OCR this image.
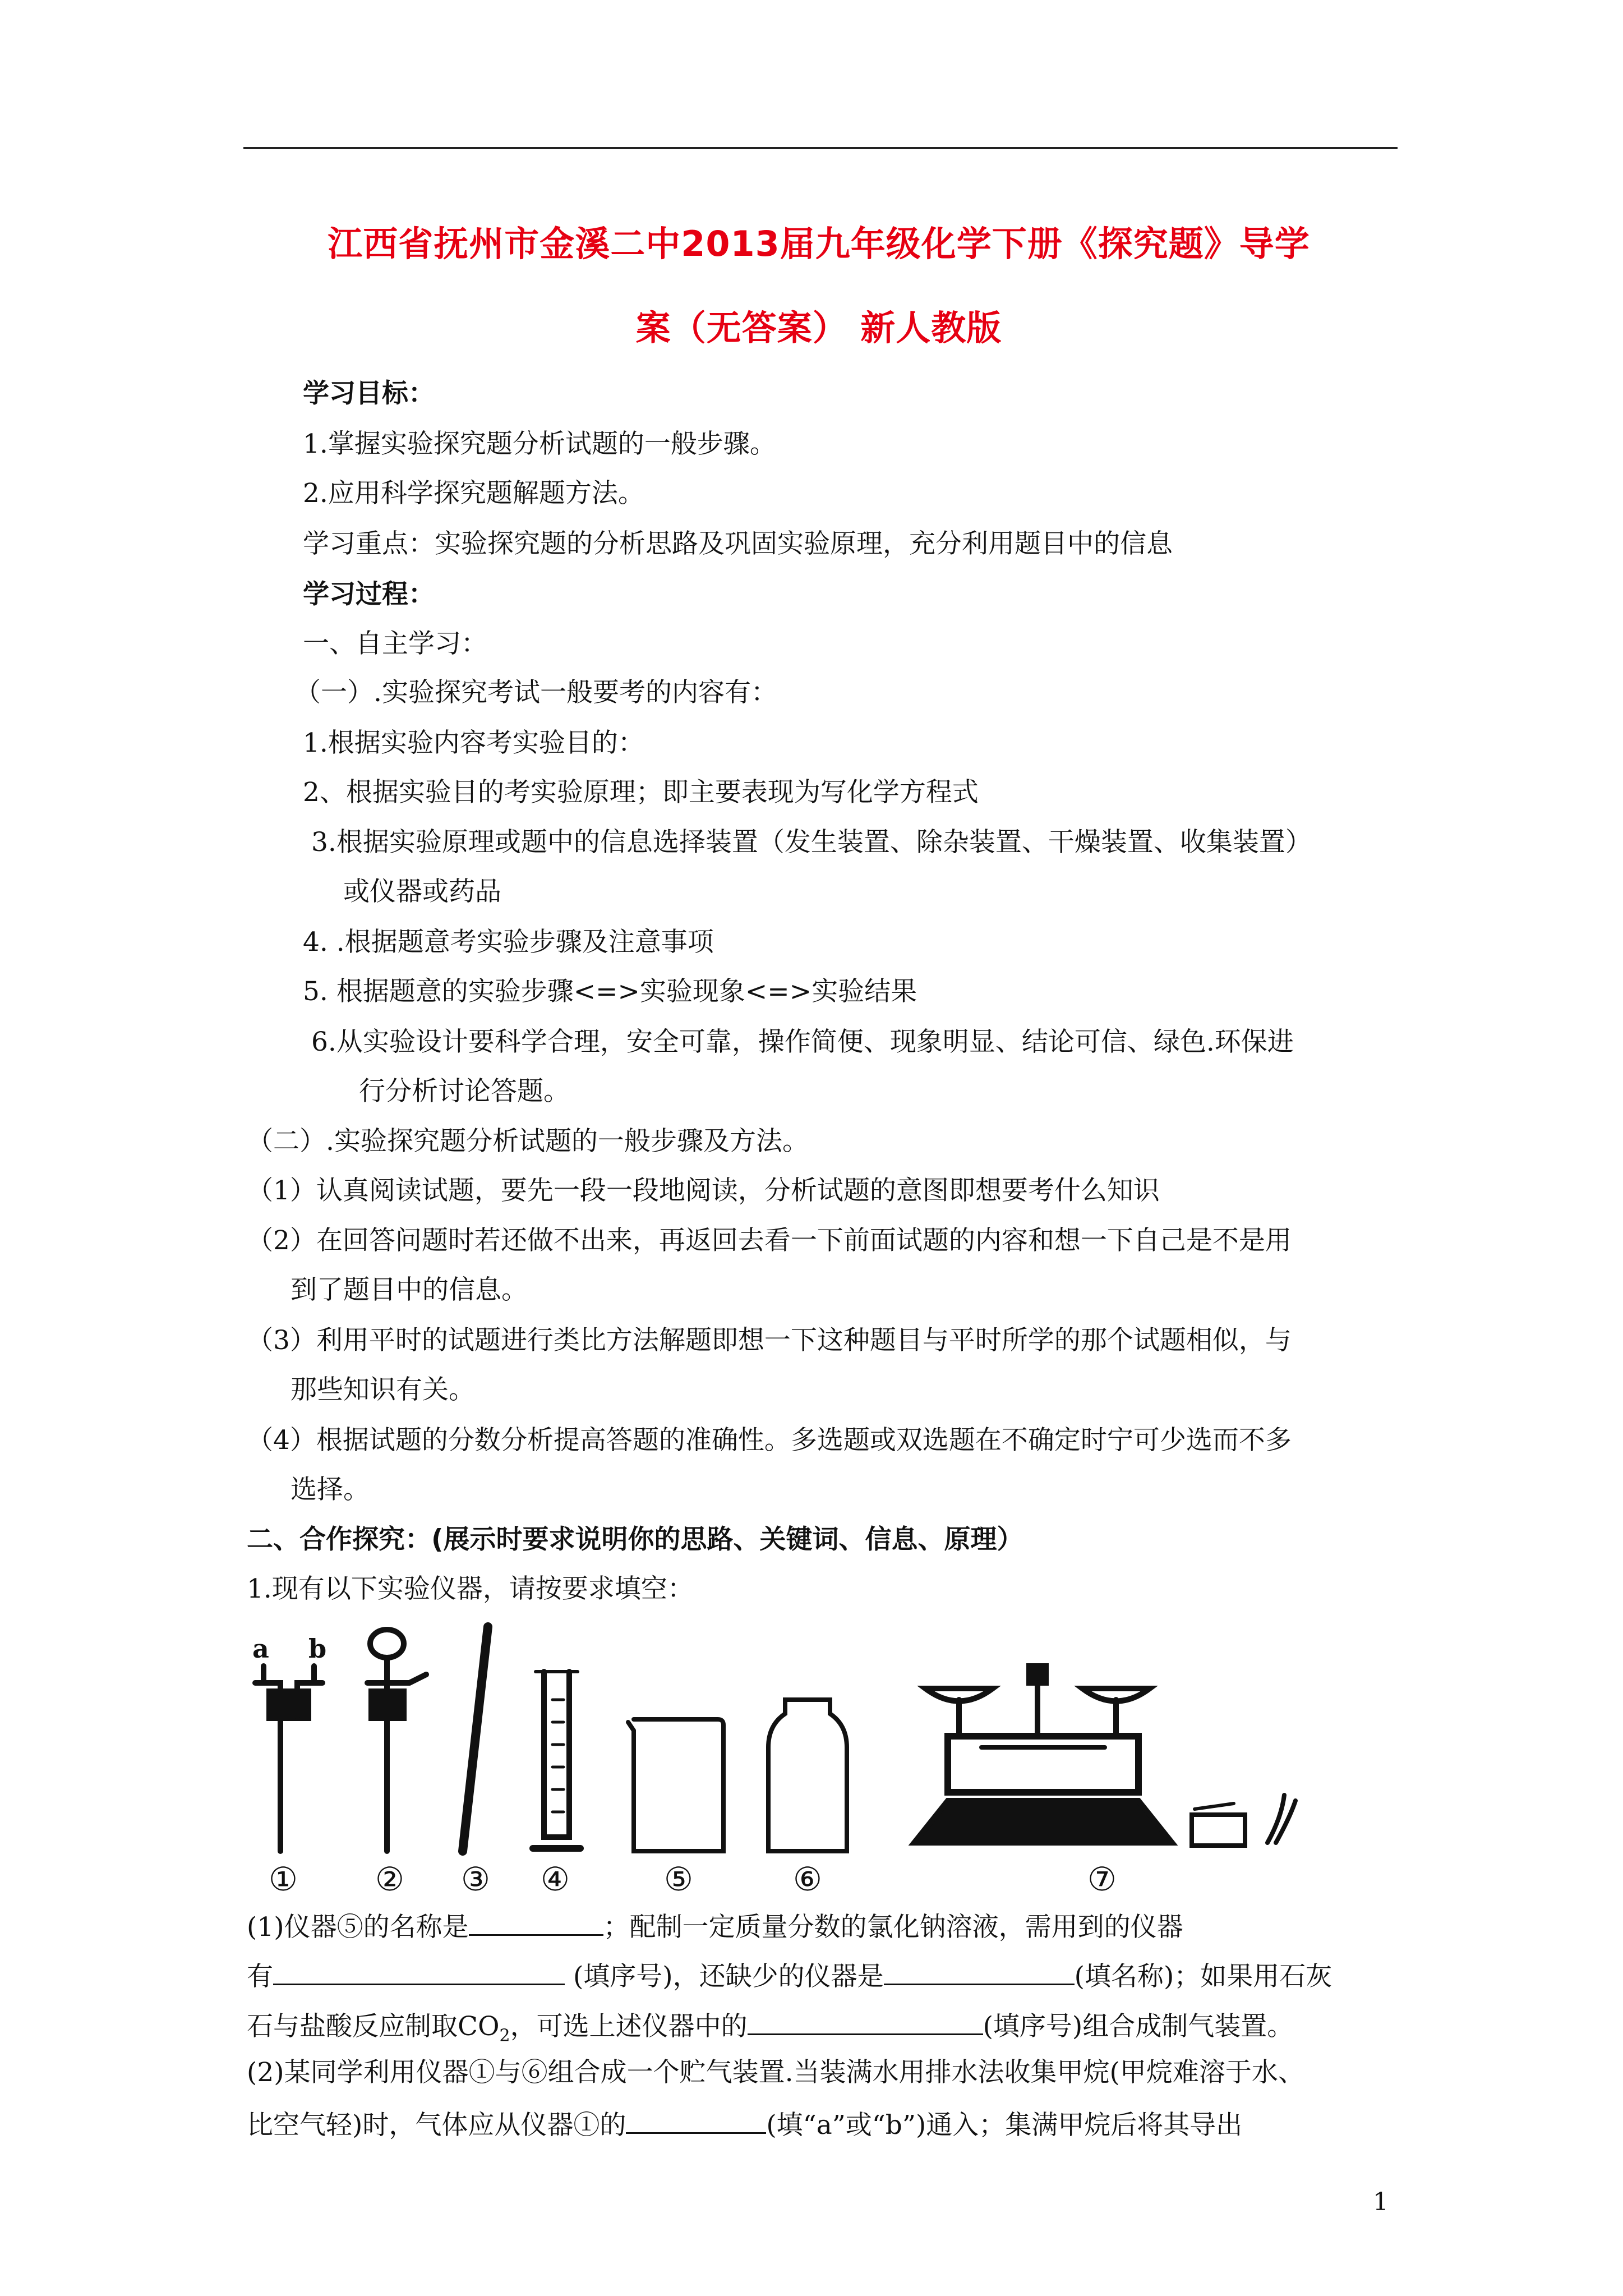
江西省抚州市金溪二中2013届九年级化学下册《探究题》导学
案（无答案） 新人教版
学习目标：
1.掌握实验探究题分析试题的一般步骤。
2.应用科学探究题解题方法。
学习重点：实验探究题的分析思路及巩固实验原理，充分利用题目中的信息
学习过程：
一、自主学习：
（一）.实验探究考试一般要考的内容有：
1.根据实验内容考实验目的：
2、根据实验目的考实验原理；即主要表现为写化学方程式
3.根据实验原理或题中的信息选择装置（发生装置、除杂装置、干燥装置、收集装置）
或仪器或药品
4. .根据题意考实验步骤及注意事项
5. 根据题意的实验步骤<=>实验现象<=>实验结果
6.从实验设计要科学合理，安全可靠，操作简便、现象明显、结论可信、绿色.环保进
行分析讨论答题。
（二）.实验探究题分析试题的一般步骤及方法。
（1）认真阅读试题，要先一段一段地阅读，分析试题的意图即想要考什么知识
（2）在回答问题时若还做不出来，再返回去看一下前面试题的内容和想一下自己是不是用
到了题目中的信息。
（3）利用平时的试题进行类比方法解题即想一下这种题目与平时所学的那个试题相似，与
那些知识有关。
（4）根据试题的分数分析提高答题的准确性。多选题或双选题在不确定时宁可少选而不多
选择。
二、合作探究：(展示时要求说明你的思路、关键词、信息、原理）
1.现有以下实验仪器，请按要求填空：
a b
① ② ③ ④	⑤	⑥	⑦
(1)仪器⑤的名称是	；配制一定质量分数的氯化钠溶液，需用到的仪器
有	(填序号)，还缺少的仪器是	(填名称)；如果用石灰
石与盐酸反应制取$CO_2$，可选上述仪器中的	(填序号)组合成制气装置。
(2)某同学利用仪器①与⑥组合成一个贮气装置.当装满水用排水法收集甲烷(甲烷难溶于水、
比空气轻)时，气体应从仪器①的	(填“a”或“b”)通入；集满甲烷后将其导出
1
